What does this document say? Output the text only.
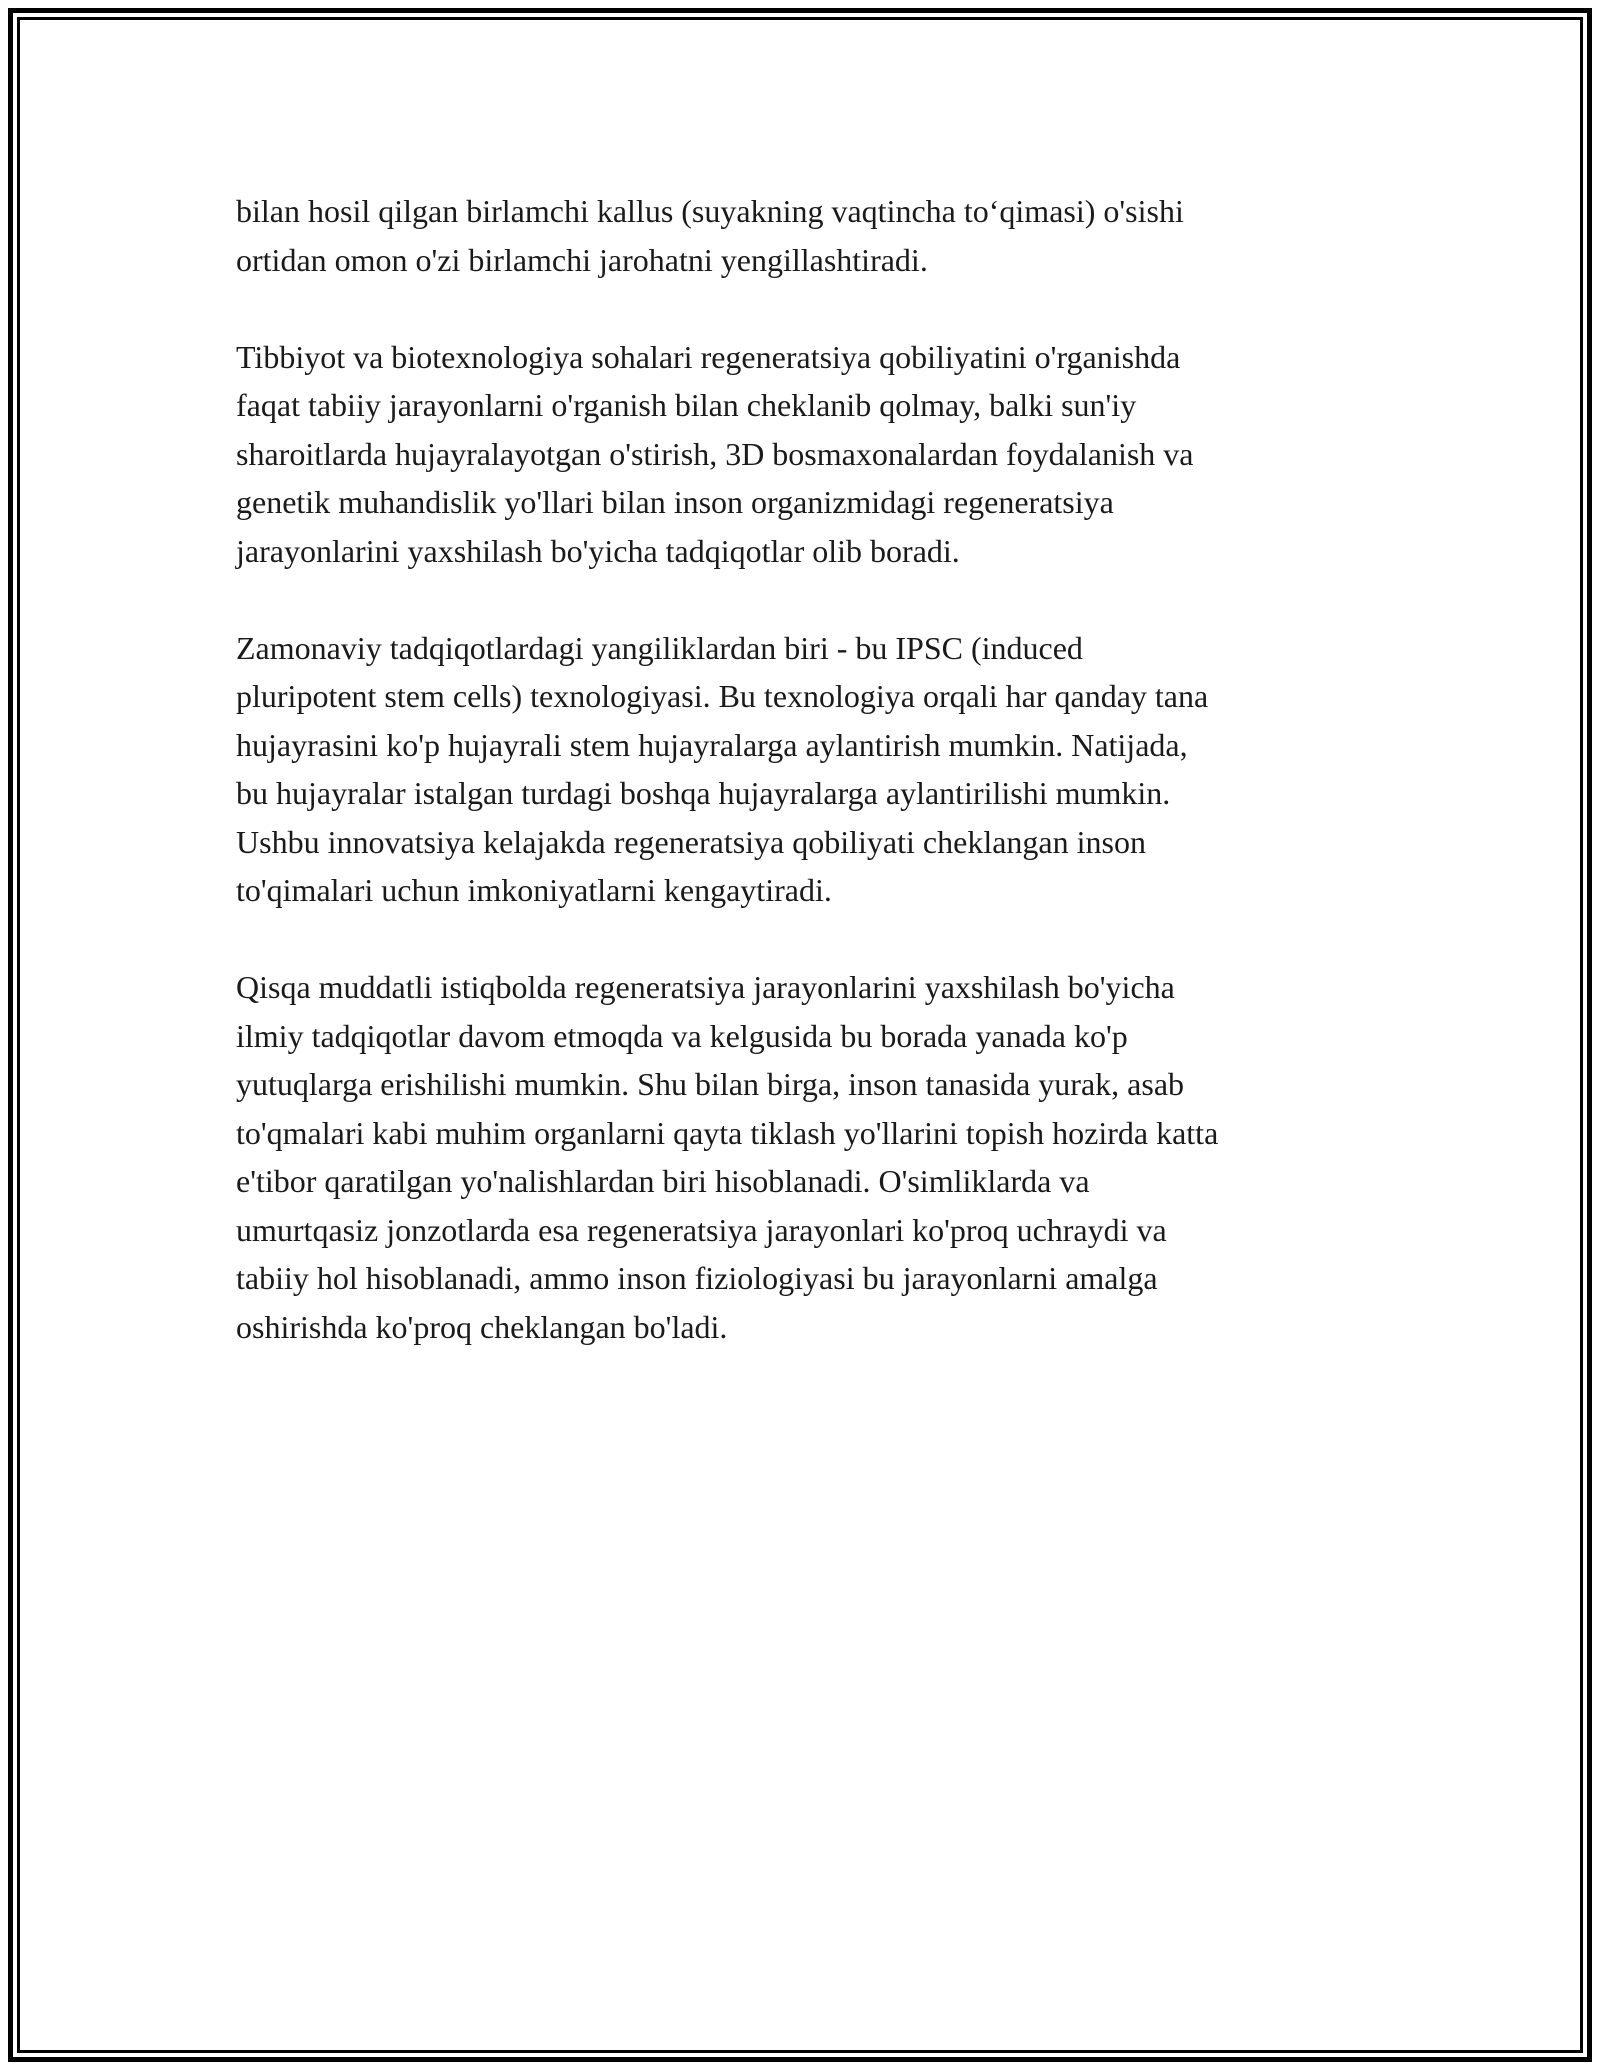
bilan hosil qilgan birlamchi kallus (suyakning vaqtincha to‘qimasi) o'sishi
ortidan omon o'zi birlamchi jarohatni yengillashtiradi.

Tibbiyot va biotexnologiya sohalari regeneratsiya qobiliyatini o'rganishda
faqat tabiiy jarayonlarni o'rganish bilan cheklanib qolmay, balki sun'iy
sharoitlarda hujayralayotgan o'stirish, 3D bosmaxonalardan foydalanish va
genetik muhandislik yo'llari bilan inson organizmidagi regeneratsiya
jarayonlarini yaxshilash bo'yicha tadqiqotlar olib boradi.

Zamonaviy tadqiqotlardagi yangiliklardan biri - bu IPSC (induced
pluripotent stem cells) texnologiyasi. Bu texnologiya orqali har qanday tana
hujayrasini ko'p hujayrali stem hujayralarga aylantirish mumkin. Natijada,
bu hujayralar istalgan turdagi boshqa hujayralarga aylantirilishi mumkin.
Ushbu innovatsiya kelajakda regeneratsiya qobiliyati cheklangan inson
to'qimalari uchun imkoniyatlarni kengaytiradi.

Qisqa muddatli istiqbolda regeneratsiya jarayonlarini yaxshilash bo'yicha
ilmiy tadqiqotlar davom etmoqda va kelgusida bu borada yanada ko'p
yutuqlarga erishilishi mumkin. Shu bilan birga, inson tanasida yurak, asab
to'qmalari kabi muhim organlarni qayta tiklash yo'llarini topish hozirda katta
e'tibor qaratilgan yo'nalishlardan biri hisoblanadi. O'simliklarda va
umurtqasiz jonzotlarda esa regeneratsiya jarayonlari ko'proq uchraydi va
tabiiy hol hisoblanadi, ammo inson fiziologiyasi bu jarayonlarni amalga
oshirishda ko'proq cheklangan bo'ladi.
